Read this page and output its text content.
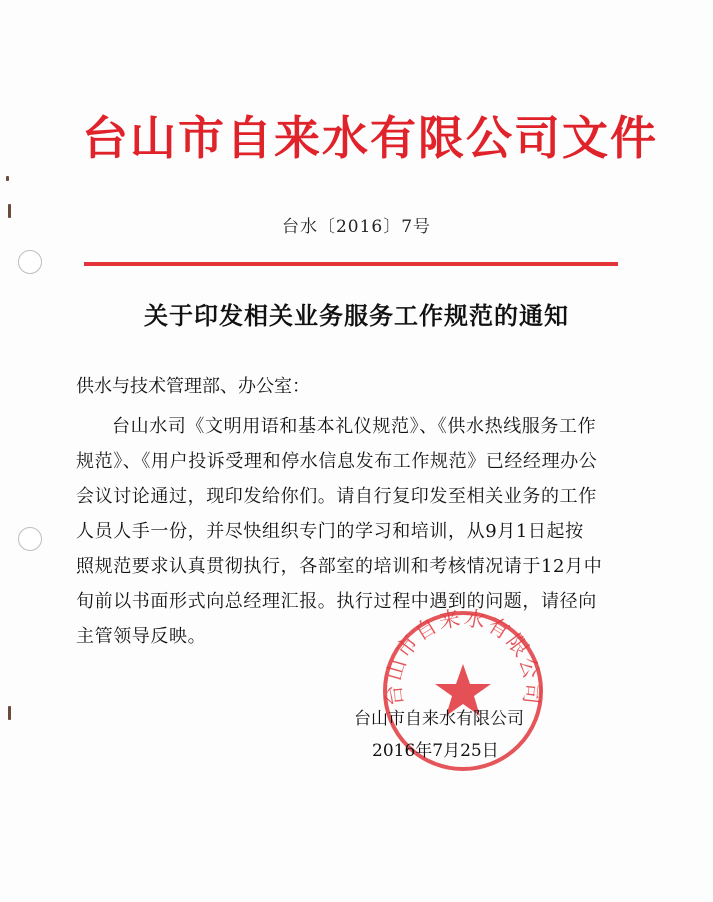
台山市自来水有限公司文件
台水〔2016〕7号
关于印发相关业务服务工作规范的通知
供水与技术管理部、办公室：
台山水司《文明用语和基本礼仪规范》、《供水热线服务工作
规范》、《用户投诉受理和停水信息发布工作规范》已经经理办公
会议讨论通过，现印发给你们。请自行复印发至相关业务的工作
人员人手一份，并尽快组织专门的学习和培训，从9月1日起按
照规范要求认真贯彻执行，各部室的培训和考核情况请于12月中
旬前以书面形式向总经理汇报。执行过程中遇到的问题，请径向
主管领导反映。
台山市自来水有限公司
台山市自来水有限公司
2016年7月25日
